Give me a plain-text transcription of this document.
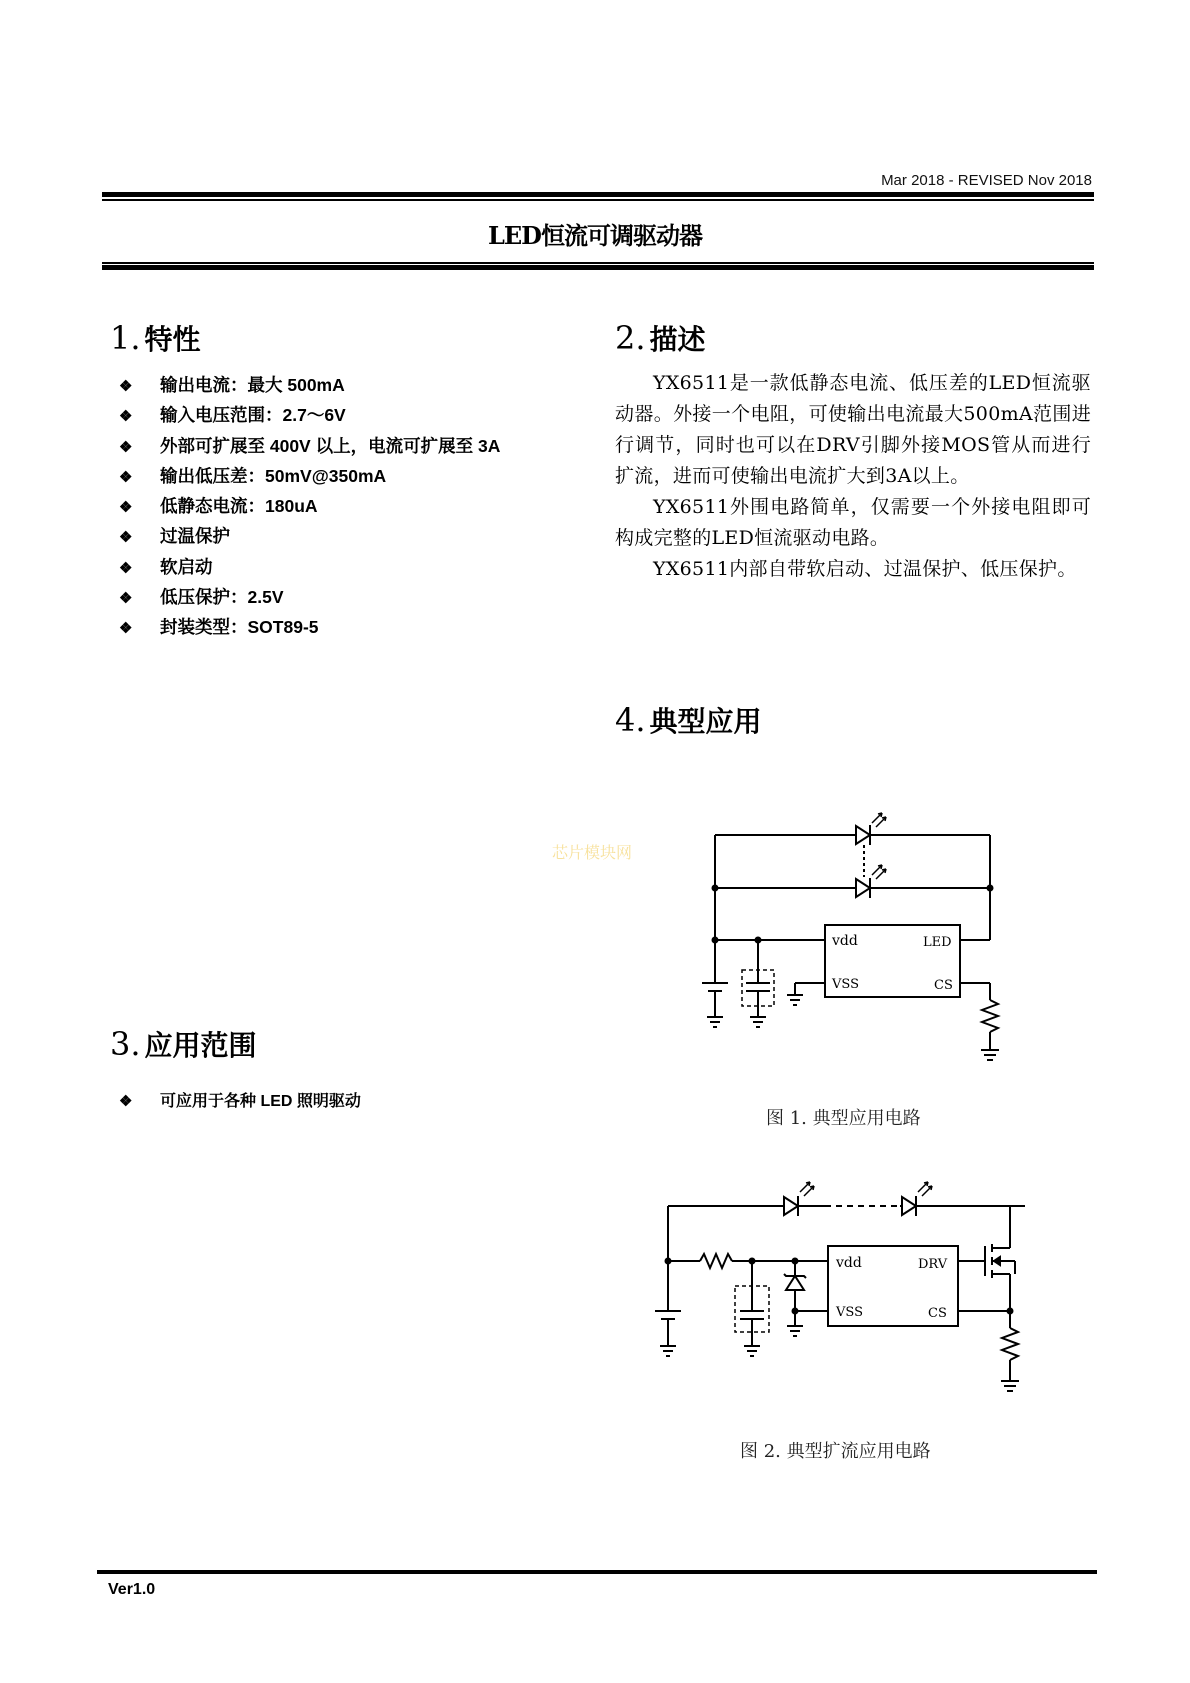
Mar 2018 - REVISED Nov 2018
LED恒流可调驱动器
1. 特性
❖ 输出电流：最大 500mA
❖ 输入电压范围：2.7～6V
❖ 外部可扩展至 400V 以上，电流可扩展至 3A
❖ 输出低压差：50mV@350mA
❖ 低静态电流：180uA
❖ 过温保护
❖ 软启动
❖ 低压保护：2.5V
❖ 封装类型：SOT89-5
2. 描述

YX6511是一款低静态电流、低压差的LED恒流驱动器。外接一个电阻，可使输出电流最大500mA范围进行调节，同时也可以在DRV引脚外接MOS管从而进行扩流，进而可使输出电流扩大到3A以上。

YX6511外围电路简单，仅需要一个外接电阻即可构成完整的LED恒流驱动电路。

YX6511内部自带软启动、过温保护、低压保护。

4. 典型应用
芯片模块网
3. 应用范围
❖ 可应用于各种 LED 照明驱动
vdd	LED
VSS	CS
图 1. 典型应用电路
vdd	DRV
VSS	CS
图 2. 典型扩流应用电路
Ver1.0
